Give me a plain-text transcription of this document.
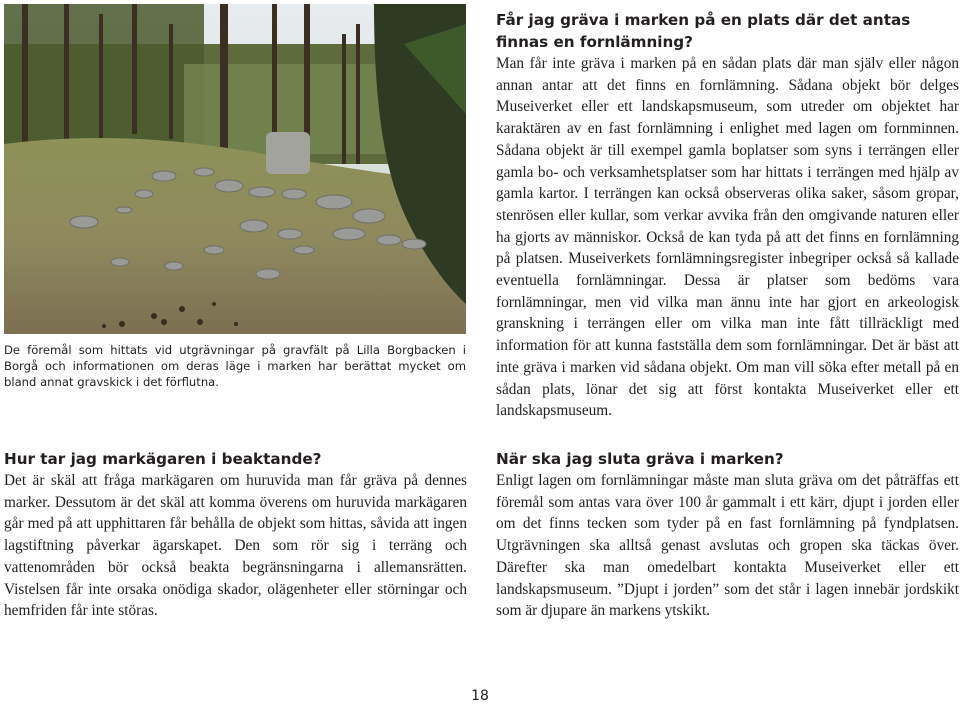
De föremål som hittats vid utgrävningar på gravfält på Lilla Borgbacken i Borgå och informationen om deras läge i marken har berättat mycket om bland annat gravskick i det förflutna.

Hur tar jag markägaren i beaktande?

Det är skäl att fråga markägaren om huruvida man får gräva på dennes marker. Dessutom är det skäl att komma överens om huruvida markägaren går med på att upphittaren får behålla de objekt som hittas, såvida att ingen lagstiftning påverkar ägarskapet. Den som rör sig i terräng och vattenområden bör också beakta begränsningarna i allemansrätten. Vistelsen får inte orsaka onödiga skador, olägenheter eller störningar och hemfriden får inte störas.

Får jag gräva i marken på en plats där det antas finnas en fornlämning?

Man får inte gräva i marken på en sådan plats där man själv eller någon annan antar att det finns en fornlämning. Sådana objekt bör delges Museiverket eller ett landskapsmuseum, som utreder om objektet har karaktären av en fast fornlämning i enlighet med lagen om fornminnen. Sådana objekt är till exempel gamla boplatser som syns i terrängen eller gamla bo- och verksamhetsplatser som har hittats i terrängen med hjälp av gamla kartor. I terrängen kan också observeras olika saker, såsom gropar, stenrösen eller kullar, som verkar avvika från den omgivande naturen eller ha gjorts av människor. Också de kan tyda på att det finns en fornlämning på platsen. Museiverkets fornlämningsregister inbegriper också så kallade eventuella fornlämningar. Dessa är platser som bedöms vara fornlämningar, men vid vilka man ännu inte har gjort en arkeologisk granskning i terrängen eller om vilka man inte fått tillräckligt med information för att kunna fastställa dem som fornlämningar. Det är bäst att inte gräva i marken vid sådana objekt. Om man vill söka efter metall på en sådan plats, lönar det sig att först kontakta Museiverket eller ett landskapsmuseum.

När ska jag sluta gräva i marken?

Enligt lagen om fornlämningar måste man sluta gräva om det påträffas ett föremål som antas vara över 100 år gammalt i ett kärr, djupt i jorden eller om det finns tecken som tyder på en fast fornlämning på fyndplatsen. Utgrävningen ska alltså genast avslutas och gropen ska täckas över. Därefter ska man omedelbart kontakta Museiverket eller ett landskapsmuseum. ”Djupt i jorden” som det står i lagen innebär jordskikt som är djupare än markens ytskikt.

18
